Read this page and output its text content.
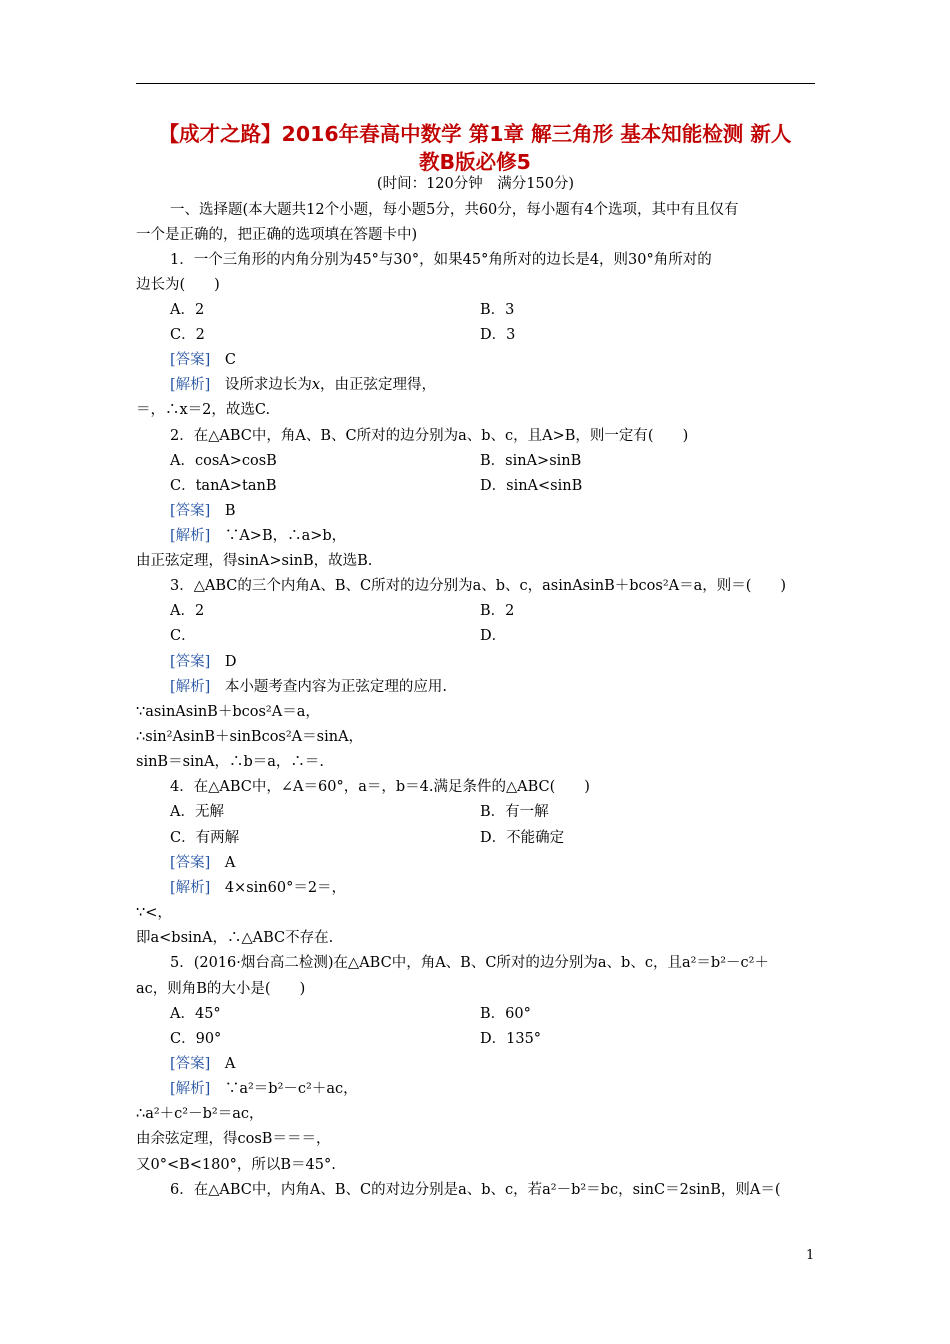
【成才之路】2016年春高中数学 第1章 解三角形 基本知能检测 新人
教B版必修5
(时间：120分钟　满分150分)
一、选择题(本大题共12个小题，每小题5分，共60分，每小题有4个选项，其中有且仅有
一个是正确的，把正确的选项填在答题卡中)
1．一个三角形的内角分别为45°与30°，如果45°角所对的边长是4，则30°角所对的
边长为(　　)
A．2	B．3
C．2	D．3
[答案]　 C
[解析]　 设所求边长为x，由正弦定理得，
＝，∴x＝2，故选C.
2．在△ABC中，角A、B、C所对的边分别为a、b、c，且A>B，则一定有(　　)
A．cosA>cosB	B．sinA>sinB
C．tanA>tanB	D．sinA<sinB
[答案]　 B
[解析]　 ∵A>B，∴a>b，
由正弦定理，得sinA>sinB，故选B.
3．△ABC的三个内角A、B、C所对的边分别为a、b、c，asinAsinB＋bcos²A＝a，则＝(　　)
A．2	B．2
C．	D．
[答案]　 D
[解析]　 本小题考查内容为正弦定理的应用.
∵asinAsinB＋bcos²A＝a，
∴sin²AsinB＋sinBcos²A＝sinA，
sinB＝sinA，∴b＝a，∴＝.
4．在△ABC中，∠A＝60°，a＝，b＝4.满足条件的△ABC(　　)
A．无解	B．有一解
C．有两解	D．不能确定
[答案]　 A
[解析]　 4×sin60°＝2＝，
∵<，
即a<bsinA，∴△ABC不存在.
5．(2016·烟台高二检测)在△ABC中，角A、B、C所对的边分别为a、b、c，且a²＝b²－c²＋
ac，则角B的大小是(　　)
A．45°	B．60°
C．90°	D．135°
[答案]　 A
[解析]　 ∵a²＝b²－c²＋ac，
∴a²＋c²－b²＝ac，
由余弦定理，得cosB＝＝＝，
又0°<B<180°，所以B＝45°.
6．在△ABC中，内角A、B、C的对边分别是a、b、c，若a²－b²＝bc，sinC＝2sinB，则A＝(
1
